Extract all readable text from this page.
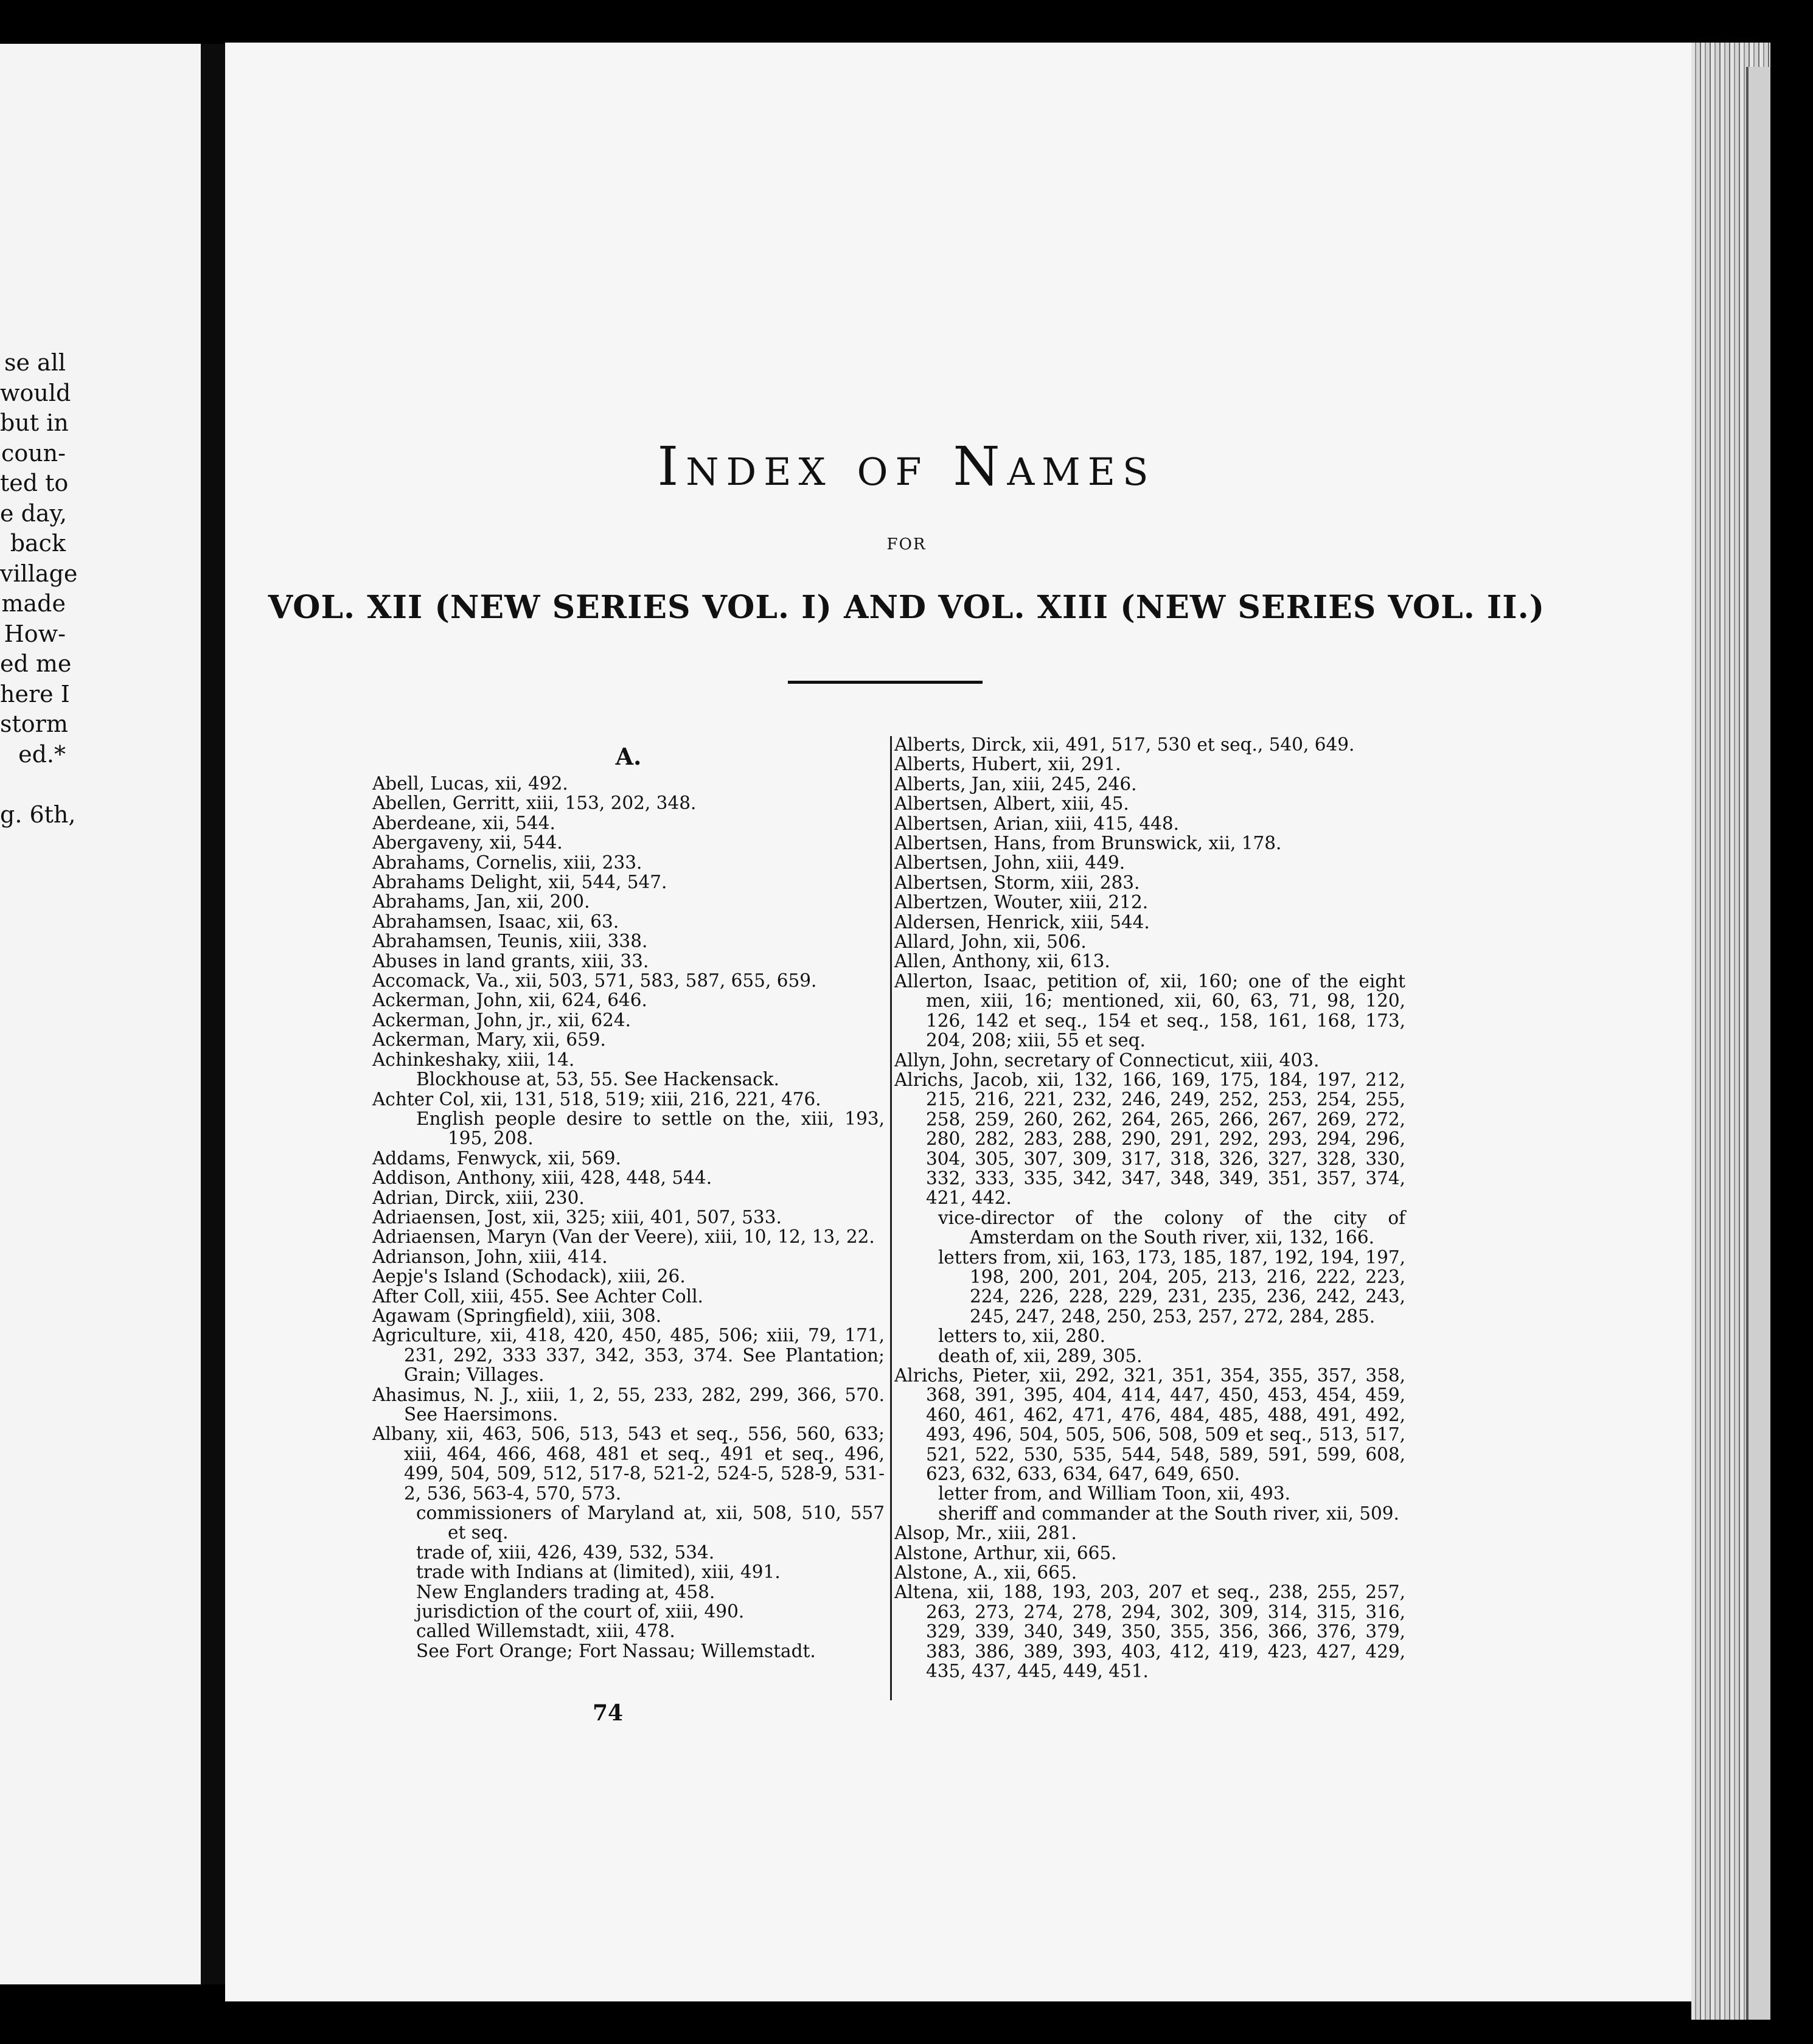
se all
would
but in
coun-
ted to
e day,
back
village
made
How-
ed me
here I
storm
ed.*

g. 6th,
Index of Names
FOR
VOL. XII (NEW SERIES VOL. I) AND VOL. XIII (NEW SERIES VOL. II.)
A.
Abell, Lucas, xii, 492.
Abellen, Gerritt, xiii, 153, 202, 348.
Aberdeane, xii, 544.
Abergaveny, xii, 544.
Abrahams, Cornelis, xiii, 233.
Abrahams Delight, xii, 544, 547.
Abrahams, Jan, xii, 200.
Abrahamsen, Isaac, xii, 63.
Abrahamsen, Teunis, xiii, 338.
Abuses in land grants, xiii, 33.
Accomack, Va., xii, 503, 571, 583, 587, 655, 659.
Ackerman, John, xii, 624, 646.
Ackerman, John, jr., xii, 624.
Ackerman, Mary, xii, 659.
Achinkeshaky, xiii, 14.
Blockhouse at, 53, 55. See Hackensack.
Achter Col, xii, 131, 518, 519; xiii, 216, 221, 476.
English people desire to settle on the, xiii, 193, 195, 208.
Addams, Fenwyck, xii, 569.
Addison, Anthony, xiii, 428, 448, 544.
Adrian, Dirck, xiii, 230.
Adriaensen, Jost, xii, 325; xiii, 401, 507, 533.
Adriaensen, Maryn (Van der Veere), xiii, 10, 12, 13, 22.
Adrianson, John, xiii, 414.
Aepje's Island (Schodack), xiii, 26.
After Coll, xiii, 455. See Achter Coll.
Agawam (Springfield), xiii, 308.
Agriculture, xii, 418, 420, 450, 485, 506; xiii, 79, 171, 231, 292, 333 337, 342, 353, 374. See Plantation; Grain; Villages.
Ahasimus, N. J., xiii, 1, 2, 55, 233, 282, 299, 366, 570. See Haersimons.
Albany, xii, 463, 506, 513, 543 et seq., 556, 560, 633; xiii, 464, 466, 468, 481 et seq., 491 et seq., 496, 499, 504, 509, 512, 517-8, 521-2, 524-5, 528-9, 531-2, 536, 563-4, 570, 573.
commissioners of Maryland at, xii, 508, 510, 557 et seq.
trade of, xiii, 426, 439, 532, 534.
trade with Indians at (limited), xiii, 491.
New Englanders trading at, 458.
jurisdiction of the court of, xiii, 490.
called Willemstadt, xiii, 478.
See Fort Orange; Fort Nassau; Willemstadt.
Alberts, Dirck, xii, 491, 517, 530 et seq., 540, 649.
Alberts, Hubert, xii, 291.
Alberts, Jan, xiii, 245, 246.
Albertsen, Albert, xiii, 45.
Albertsen, Arian, xiii, 415, 448.
Albertsen, Hans, from Brunswick, xii, 178.
Albertsen, John, xiii, 449.
Albertsen, Storm, xiii, 283.
Albertzen, Wouter, xiii, 212.
Aldersen, Henrick, xiii, 544.
Allard, John, xii, 506.
Allen, Anthony, xii, 613.
Allerton, Isaac, petition of, xii, 160; one of the eight men, xiii, 16; mentioned, xii, 60, 63, 71, 98, 120, 126, 142 et seq., 154 et seq., 158, 161, 168, 173, 204, 208; xiii, 55 et seq.
Allyn, John, secretary of Connecticut, xiii, 403.
Alrichs, Jacob, xii, 132, 166, 169, 175, 184, 197, 212, 215, 216, 221, 232, 246, 249, 252, 253, 254, 255, 258, 259, 260, 262, 264, 265, 266, 267, 269, 272, 280, 282, 283, 288, 290, 291, 292, 293, 294, 296, 304, 305, 307, 309, 317, 318, 326, 327, 328, 330, 332, 333, 335, 342, 347, 348, 349, 351, 357, 374, 421, 442.
vice-director of the colony of the city of Amsterdam on the South river, xii, 132, 166.
letters from, xii, 163, 173, 185, 187, 192, 194, 197, 198, 200, 201, 204, 205, 213, 216, 222, 223, 224, 226, 228, 229, 231, 235, 236, 242, 243, 245, 247, 248, 250, 253, 257, 272, 284, 285.
letters to, xii, 280.
death of, xii, 289, 305.
Alrichs, Pieter, xii, 292, 321, 351, 354, 355, 357, 358, 368, 391, 395, 404, 414, 447, 450, 453, 454, 459, 460, 461, 462, 471, 476, 484, 485, 488, 491, 492, 493, 496, 504, 505, 506, 508, 509 et seq., 513, 517, 521, 522, 530, 535, 544, 548, 589, 591, 599, 608, 623, 632, 633, 634, 647, 649, 650.
letter from, and William Toon, xii, 493.
sheriff and commander at the South river, xii, 509.
Alsop, Mr., xiii, 281.
Alstone, Arthur, xii, 665.
Alstone, A., xii, 665.
Altena, xii, 188, 193, 203, 207 et seq., 238, 255, 257, 263, 273, 274, 278, 294, 302, 309, 314, 315, 316, 329, 339, 340, 349, 350, 355, 356, 366, 376, 379, 383, 386, 389, 393, 403, 412, 419, 423, 427, 429, 435, 437, 445, 449, 451.
74
